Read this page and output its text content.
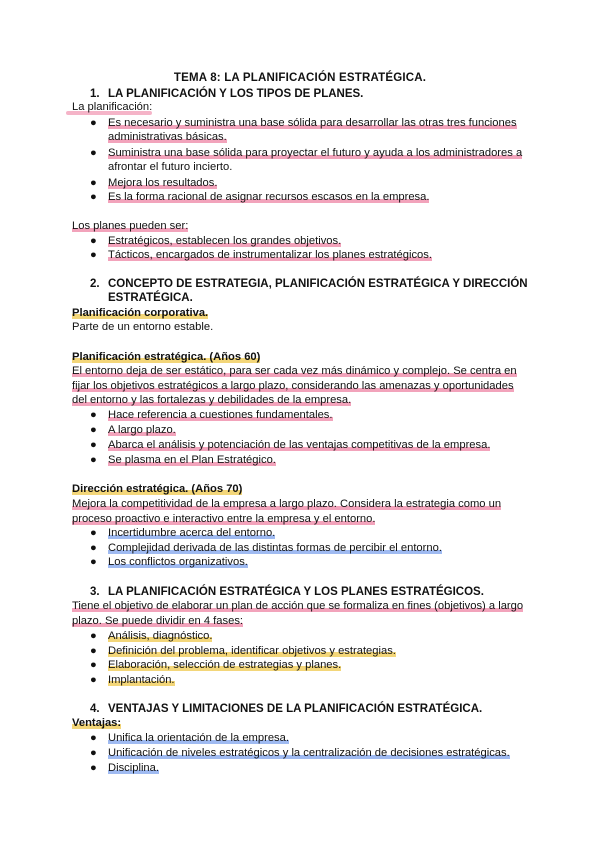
TEMA 8: LA PLANIFICACIÓN ESTRATÉGICA.
1. LA PLANIFICACIÓN Y LOS TIPOS DE PLANES.
La planificación:
● Es necesario y suministra una base sólida para desarrollar las otras tres funciones
administrativas básicas.
● Suministra una base sólida para proyectar el futuro y ayuda a los administradores a
afrontar el futuro incierto.
● Mejora los resultados.
● Es la forma racional de asignar recursos escasos en la empresa.
Los planes pueden ser:
● Estratégicos, establecen los grandes objetivos.
● Tácticos, encargados de instrumentalizar los planes estratégicos.
2. CONCEPTO DE ESTRATEGIA, PLANIFICACIÓN ESTRATÉGICA Y DIRECCIÓN
ESTRATÉGICA.
Planificación corporativa.
Parte de un entorno estable.
Planificación estratégica. (Años 60)
El entorno deja de ser estático, para ser cada vez más dinámico y complejo. Se centra en
fijar los objetivos estratégicos a largo plazo, considerando las amenazas y oportunidades
del entorno y las fortalezas y debilidades de la empresa.
● Hace referencia a cuestiones fundamentales.
● A largo plazo.
● Abarca el análisis y potenciación de las ventajas competitivas de la empresa.
● Se plasma en el Plan Estratégico.
Dirección estratégica. (Años 70)
Mejora la competitividad de la empresa a largo plazo. Considera la estrategia como un
proceso proactivo e interactivo entre la empresa y el entorno.
● Incertidumbre acerca del entorno.
● Complejidad derivada de las distintas formas de percibir el entorno.
● Los conflictos organizativos.
3. LA PLANIFICACIÓN ESTRATÉGICA Y LOS PLANES ESTRATÉGICOS.
Tiene el objetivo de elaborar un plan de acción que se formaliza en fines (objetivos) a largo
plazo. Se puede dividir en 4 fases:
● Análisis, diagnóstico.
● Definición del problema, identificar objetivos y estrategias.
● Elaboración, selección de estrategias y planes.
● Implantación.
4. VENTAJAS Y LIMITACIONES DE LA PLANIFICACIÓN ESTRATÉGICA.
Ventajas:
● Unifica la orientación de la empresa.
● Unificación de niveles estratégicos y la centralización de decisiones estratégicas.
● Disciplina.
